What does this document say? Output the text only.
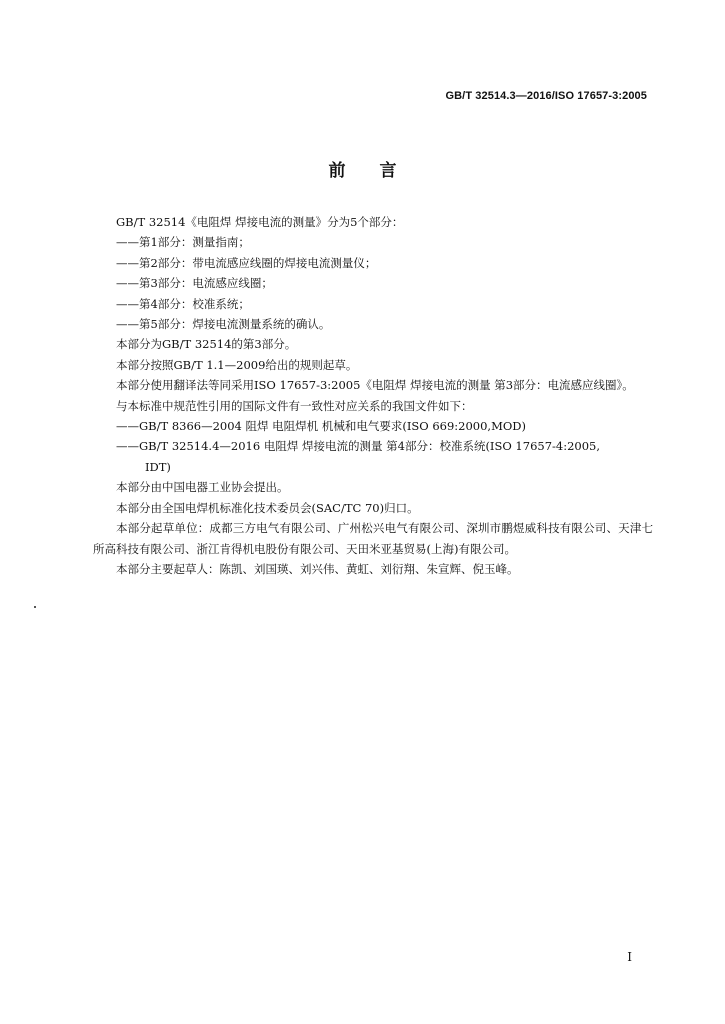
GB/T 32514.3—2016/ISO 17657-3:2005
前言

GB/T 32514《电阻焊 焊接电流的测量》分为5个部分：

——第1部分：测量指南；

——第2部分：带电流感应线圈的焊接电流测量仪；

——第3部分：电流感应线圈；

——第4部分：校准系统；

——第5部分：焊接电流测量系统的确认。

本部分为GB/T 32514的第3部分。

本部分按照GB/T 1.1—2009给出的规则起草。

本部分使用翻译法等同采用ISO 17657-3:2005《电阻焊 焊接电流的测量 第3部分：电流感应线圈》。

与本标准中规范性引用的国际文件有一致性对应关系的我国文件如下：

——GB/T 8366—2004 阻焊 电阻焊机 机械和电气要求(ISO 669:2000,MOD)

——GB/T 32514.4—2016 电阻焊 焊接电流的测量 第4部分：校准系统(ISO 17657-4:2005,
IDT)

本部分由中国电器工业协会提出。

本部分由全国电焊机标准化技术委员会(SAC/TC 70)归口。

本部分起草单位：成都三方电气有限公司、广州松兴电气有限公司、深圳市鹏煜威科技有限公司、天津七所高科技有限公司、浙江肯得机电股份有限公司、天田米亚基贸易(上海)有限公司。

本部分主要起草人：陈凯、刘国瑛、刘兴伟、黄虹、刘衍翔、朱宣辉、倪玉峰。

I
